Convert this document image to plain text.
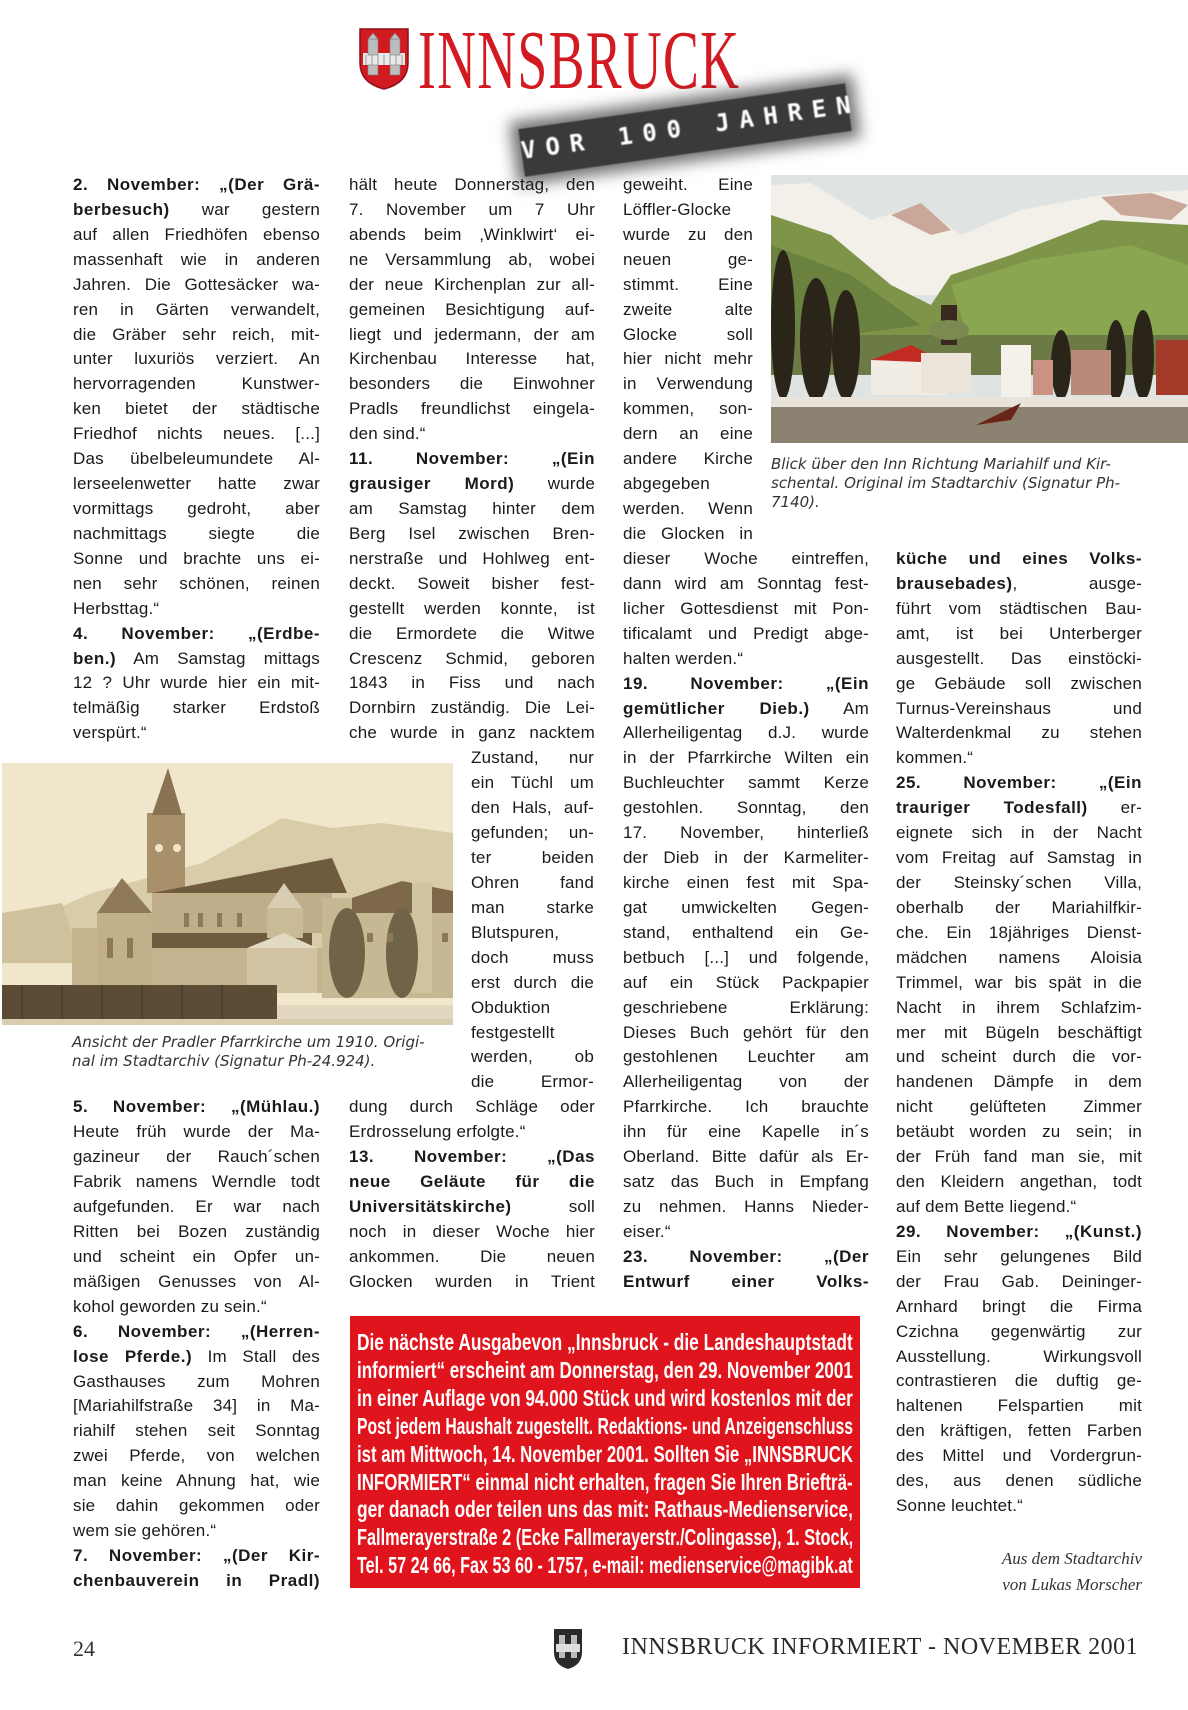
INNSBRUCK
VOR 100 JAHREN
2. November: „(Der Grä-
berbesuch) war gestern
auf allen Friedhöfen ebenso
massenhaft wie in anderen
Jahren. Die Gottesäcker wa-
ren in Gärten verwandelt,
die Gräber sehr reich, mit-
unter luxuriös verziert. An
hervorragenden Kunstwer-
ken bietet der städtische
Friedhof nichts neues. [...]
Das übelbeleumundete Al-
lerseelenwetter hatte zwar
vormittags gedroht, aber
nachmittags siegte die
Sonne und brachte uns ei-
nen sehr schönen, reinen
Herbsttag.“
4. November: „(Erdbe-
ben.) Am Samstag mittags
12 ? Uhr wurde hier ein mit-
telmäßig starker Erdstoß
verspürt.“
5. November: „(Mühlau.)
Heute früh wurde der Ma-
gazineur der Rauch´schen
Fabrik namens Werndle todt
aufgefunden. Er war nach
Ritten bei Bozen zuständig
und scheint ein Opfer un-
mäßigen Genusses von Al-
kohol geworden zu sein.“
6. November: „(Herren-
lose Pferde.) Im Stall des
Gasthauses zum Mohren
[Mariahilfstraße 34] in Ma-
riahilf stehen seit Sonntag
zwei Pferde, von welchen
man keine Ahnung hat, wie
sie dahin gekommen oder
wem sie gehören.“
7. November: „(Der Kir-
chenbauverein in Pradl)
hält heute Donnerstag, den
7. November um 7 Uhr
abends beim ‚Winklwirt‘ ei-
ne Versammlung ab, wobei
der neue Kirchenplan zur all-
gemeinen Besichtigung auf-
liegt und jedermann, der am
Kirchenbau Interesse hat,
besonders die Einwohner
Pradls freundlichst eingela-
den sind.“
11. November: „(Ein
grausiger Mord) wurde
am Samstag hinter dem
Berg Isel zwischen Bren-
nerstraße und Hohlweg ent-
deckt. Soweit bisher fest-
gestellt werden konnte, ist
die Ermordete die Witwe
Crescenz Schmid, geboren
1843 in Fiss und nach
Dornbirn zuständig. Die Lei-
che wurde in ganz nacktem
Zustand, nur
ein Tüchl um
den Hals, auf-
gefunden; un-
ter beiden
Ohren fand
man starke
Blutspuren,
doch muss
erst durch die
Obduktion
festgestellt
werden, ob
die Ermor-
dung durch Schläge oder
Erdrosselung erfolgte.“
13. November: „(Das
neue Geläute für die
Universitätskirche) soll
noch in dieser Woche hier
ankommen. Die neuen
Glocken wurden in Trient
geweiht. Eine
Löffler-Glocke
wurde zu den
neuen ge-
stimmt. Eine
zweite alte
Glocke soll
hier nicht mehr
in Verwendung
kommen, son-
dern an eine
andere Kirche
abgegeben
werden. Wenn
die Glocken in
dieser Woche eintreffen,
dann wird am Sonntag fest-
licher Gottesdienst mit Pon-
tificalamt und Predigt abge-
halten werden.“
19. November: „(Ein
gemütlicher Dieb.) Am
Allerheiligentag d.J. wurde
in der Pfarrkirche Wilten ein
Buchleuchter sammt Kerze
gestohlen. Sonntag, den
17. November, hinterließ
der Dieb in der Karmeliter-
kirche einen fest mit Spa-
gat umwickelten Gegen-
stand, enthaltend ein Ge-
betbuch [...] und folgende,
auf ein Stück Packpapier
geschriebene Erklärung:
Dieses Buch gehört für den
gestohlenen Leuchter am
Allerheiligentag von der
Pfarrkirche. Ich brauchte
ihn für eine Kapelle in´s
Oberland. Bitte dafür als Er-
satz das Buch in Empfang
zu nehmen. Hanns Nieder-
eiser.“
23. November: „(Der
Entwurf einer Volks-
küche und eines Volks-
brausebades), ausge-
führt vom städtischen Bau-
amt, ist bei Unterberger
ausgestellt. Das einstöcki-
ge Gebäude soll zwischen
Turnus-Vereinshaus und
Walterdenkmal zu stehen
kommen.“
25. November: „(Ein
trauriger Todesfall) er-
eignete sich in der Nacht
vom Freitag auf Samstag in
der Steinsky´schen Villa,
oberhalb der Mariahilfkir-
che. Ein 18jähriges Dienst-
mädchen namens Aloisia
Trimmel, war bis spät in die
Nacht in ihrem Schlafzim-
mer mit Bügeln beschäftigt
und scheint durch die vor-
handenen Dämpfe in dem
nicht gelüfteten Zimmer
betäubt worden zu sein; in
der Früh fand man sie, mit
den Kleidern angethan, todt
auf dem Bette liegend.“
29. November: „(Kunst.)
Ein sehr gelungenes Bild
der Frau Gab. Deininger-
Arnhard bringt die Firma
Czichna gegenwärtig zur
Ausstellung. Wirkungsvoll
contrastieren die duftig ge-
haltenen Felspartien mit
den kräftigen, fetten Farben
des Mittel und Vordergrun-
des, aus denen südliche
Sonne leuchtet.“
Blick über den Inn Richtung Mariahilf und Kir-
schental. Original im Stadtarchiv (Signatur Ph-
7140).
Ansicht der Pradler Pfarrkirche um 1910. Origi-
nal im Stadtarchiv (Signatur Ph-24.924).
Die nächste Ausgabevon „Innsbruck - die Landeshauptstadt
informiert“ erscheint am Donnerstag, den 29. November 2001
in einer Auflage von 94.000 Stück und wird kostenlos mit der
Post jedem Haushalt zugestellt. Redaktions- und Anzeigenschluss
ist am Mittwoch, 14. November 2001. Sollten Sie „INNSBRUCK
INFORMIERT“ einmal nicht erhalten, fragen Sie Ihren Briefträ-
ger danach oder teilen uns das mit: Rathaus-Medienservice,
Fallmerayerstraße 2 (Ecke Fallmerayerstr./Colingasse), 1. Stock,
Tel. 57 24 66, Fax 53 60 - 1757, e-mail: medienservice@magibk.at	Aus dem Stadtarchiv
von Lukas Morscher
24	INNSBRUCK INFORMIERT - NOVEMBER 2001
